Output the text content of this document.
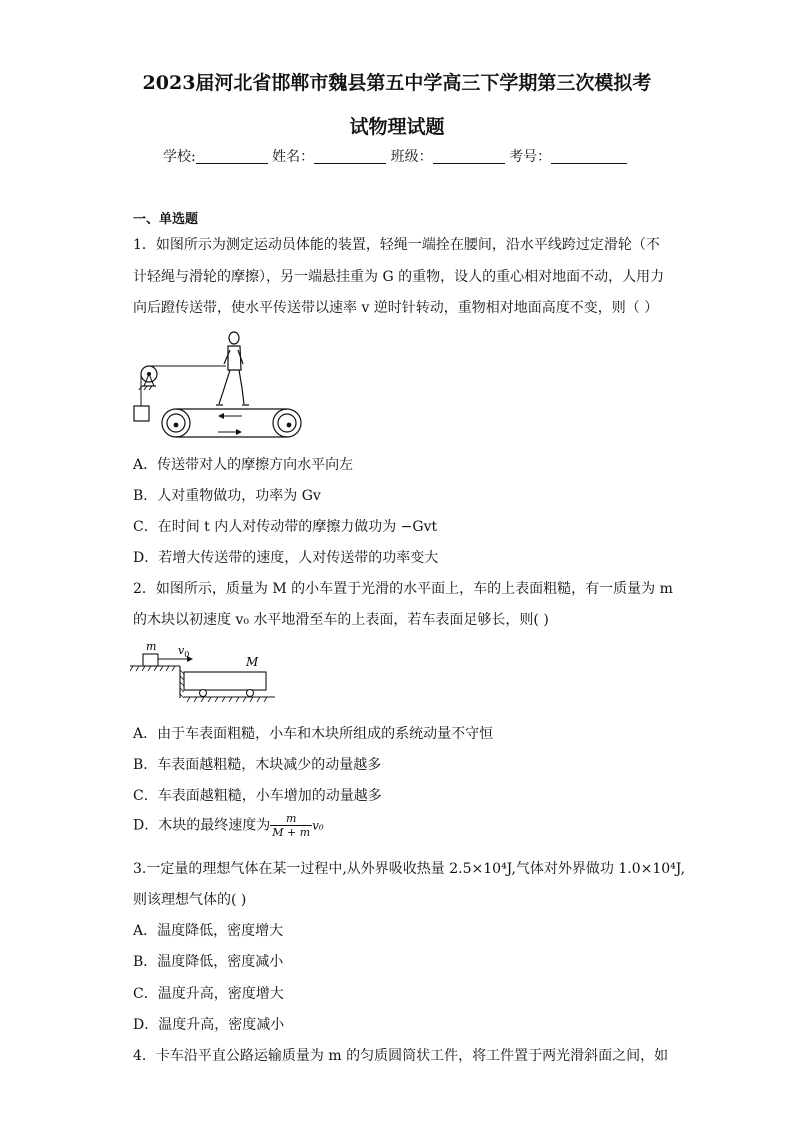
2023届河北省邯郸市魏县第五中学高三下学期第三次模拟考
试物理试题
学校:	姓名：	班级：	考号：
一、单选题
1．如图所示为测定运动员体能的装置，轻绳一端拴在腰间，沿水平线跨过定滑轮（不
计轻绳与滑轮的摩擦），另一端悬挂重为 G 的重物，设人的重心相对地面不动，人用力
向后蹬传送带，使水平传送带以速率 v 逆时针转动，重物相对地面高度不变，则（ ）
A．传送带对人的摩擦方向水平向左
B．人对重物做功，功率为 Gv
C．在时间 t 内人对传动带的摩擦力做功为 −Gvt
D．若增大传送带的速度，人对传送带的功率变大
2．如图所示，质量为 M 的小车置于光滑的水平面上，车的上表面粗糙，有一质量为 m
的木块以初速度 v₀ 水平地滑至车的上表面，若车表面足够长，则( )
m $v_0$
M
A．由于车表面粗糙，小车和木块所组成的系统动量不守恒
B．车表面越粗糙，木块减少的动量越多
C．车表面越粗糙，小车增加的动量越多
D．木块的最终速度为 $\frac{m}{M + m} v_0$
3.一定量的理想气体在某一过程中,从外界吸收热量 2.5×10⁴J,气体对外界做功 1.0×10⁴J,
则该理想气体的( )
A．温度降低，密度增大
B．温度降低，密度减小
C．温度升高，密度增大
D．温度升高，密度减小
4．卡车沿平直公路运输质量为 m 的匀质圆筒状工件，将工件置于两光滑斜面之间，如
